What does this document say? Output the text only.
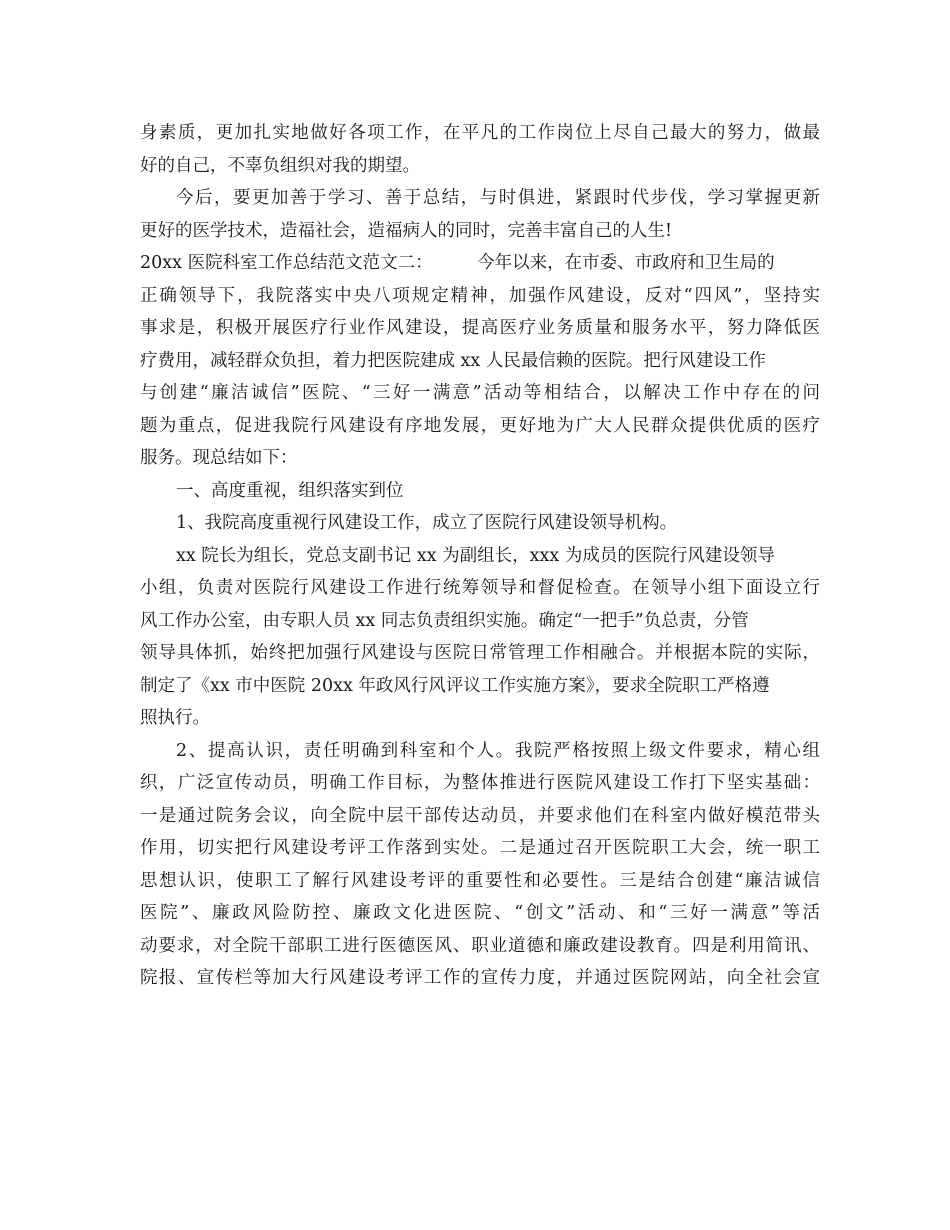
身素质，更加扎实地做好各项工作，在平凡的工作岗位上尽自己最大的努力，做最
好的自己，不辜负组织对我的期望。
今后，要更加善于学习、善于总结，与时俱进，紧跟时代步伐，学习掌握更新
更好的医学技术，造福社会，造福病人的同时，完善丰富自己的人生!
20xx 医院科室工作总结范文范文二：        今年以来，在市委、市政府和卫生局的
正确领导下，我院落实中央八项规定精神，加强作风建设，反对“四风”，坚持实
事求是，积极开展医疗行业作风建设，提高医疗业务质量和服务水平，努力降低医
疗费用，减轻群众负担，着力把医院建成 xx 人民最信赖的医院。把行风建设工作
与创建“廉洁诚信”医院、“三好一满意”活动等相结合，以解决工作中存在的问
题为重点，促进我院行风建设有序地发展，更好地为广大人民群众提供优质的医疗
服务。现总结如下：
一、高度重视，组织落实到位
1、我院高度重视行风建设工作，成立了医院行风建设领导机构。
xx 院长为组长，党总支副书记 xx 为副组长，xxx 为成员的医院行风建设领导
小组，负责对医院行风建设工作进行统筹领导和督促检查。在领导小组下面设立行
风工作办公室，由专职人员 xx 同志负责组织实施。确定“一把手”负总责，分管
领导具体抓，始终把加强行风建设与医院日常管理工作相融合。并根据本院的实际，
制定了《xx 市中医院 20xx 年政风行风评议工作实施方案》，要求全院职工严格遵
照执行。
2、提高认识，责任明确到科室和个人。我院严格按照上级文件要求，精心组
织，广泛宣传动员，明确工作目标，为整体推进行医院风建设工作打下坚实基础：
一是通过院务会议，向全院中层干部传达动员，并要求他们在科室内做好模范带头
作用，切实把行风建设考评工作落到实处。二是通过召开医院职工大会，统一职工
思想认识，使职工了解行风建设考评的重要性和必要性。三是结合创建“廉洁诚信
医院”、廉政风险防控、廉政文化进医院、“创文”活动、和“三好一满意”等活
动要求，对全院干部职工进行医德医风、职业道德和廉政建设教育。四是利用简讯、
院报、宣传栏等加大行风建设考评工作的宣传力度，并通过医院网站，向全社会宣
